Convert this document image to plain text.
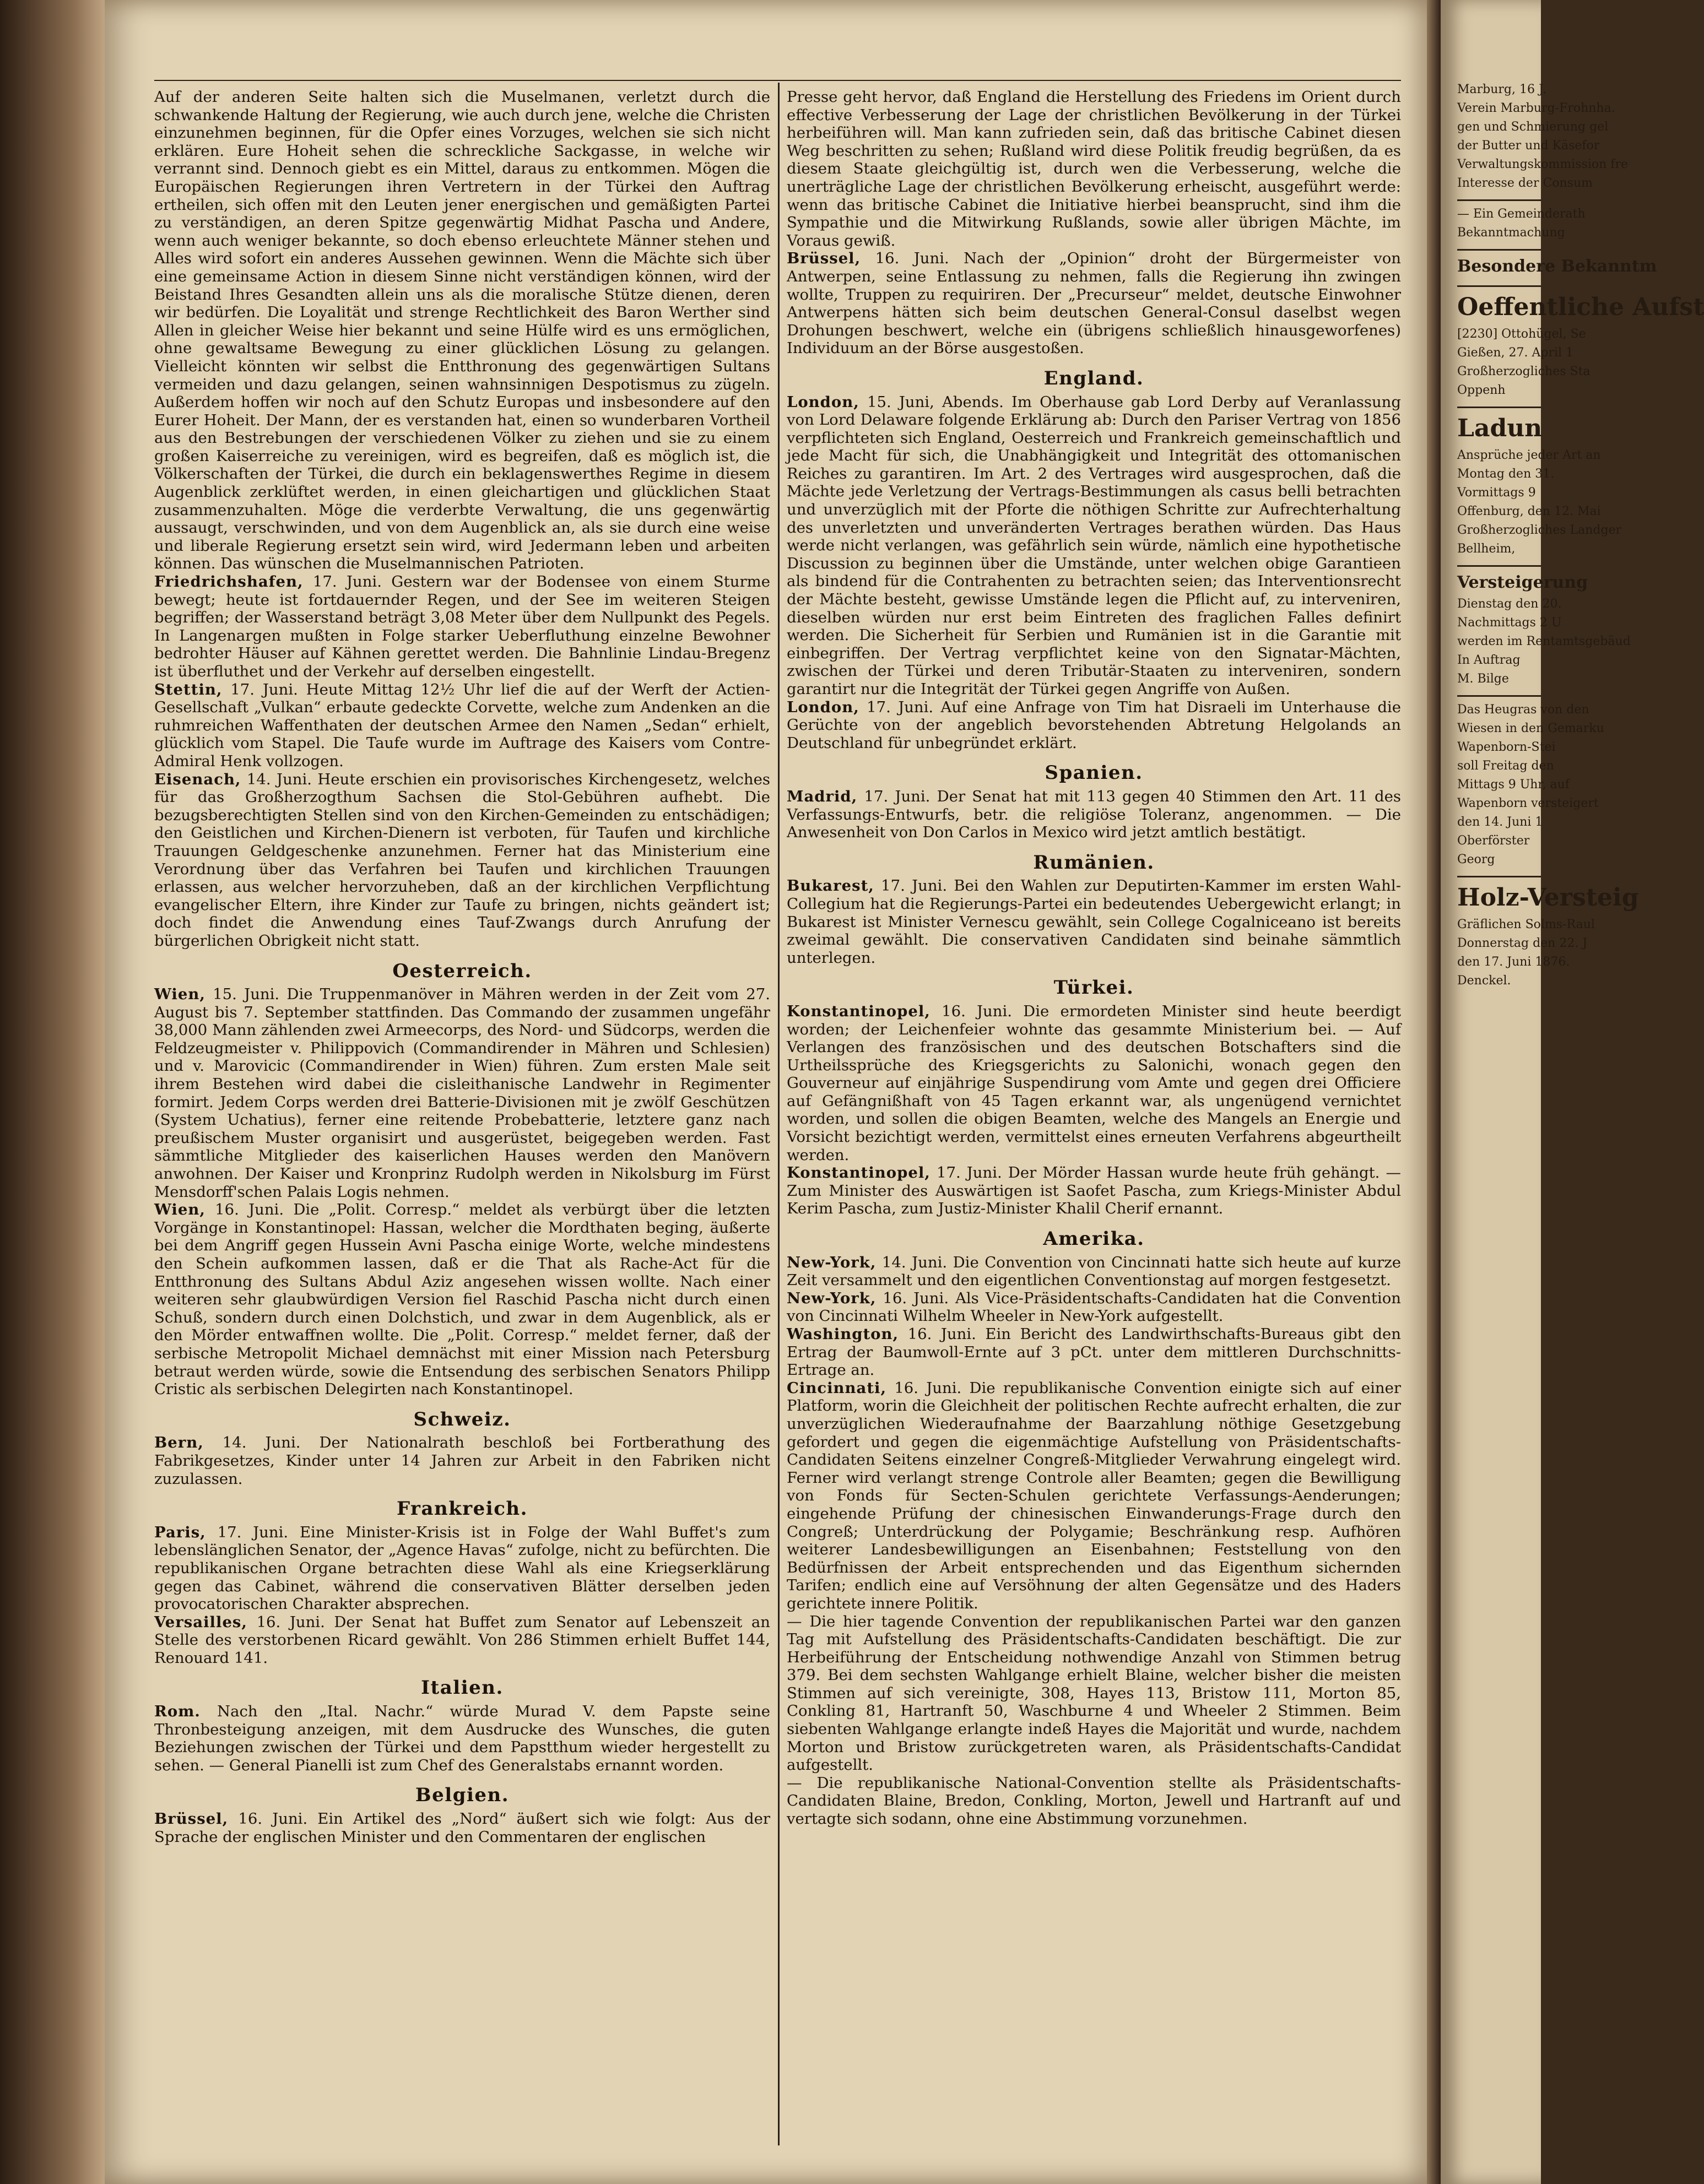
Auf der anderen Seite halten sich die Muselmanen, verletzt durch die schwankende Haltung der Regierung, wie auch durch jene, welche die Christen einzunehmen beginnen, für die Opfer eines Vorzuges, welchen sie sich nicht erklären. Eure Hoheit sehen die schreckliche Sackgasse, in welche wir verrannt sind. Dennoch giebt es ein Mittel, daraus zu entkommen. Mögen die Europäischen Regierungen ihren Vertretern in der Türkei den Auftrag ertheilen, sich offen mit den Leuten jener energischen und gemäßigten Partei zu verständigen, an deren Spitze gegenwärtig Midhat Pascha und Andere, wenn auch weniger bekannte, so doch ebenso erleuchtete Männer stehen und Alles wird sofort ein anderes Aussehen gewinnen. Wenn die Mächte sich über eine gemeinsame Action in diesem Sinne nicht verständigen können, wird der Beistand Ihres Gesandten allein uns als die moralische Stütze dienen, deren wir bedürfen. Die Loyalität und strenge Rechtlichkeit des Baron Werther sind Allen in gleicher Weise hier bekannt und seine Hülfe wird es uns ermöglichen, ohne gewaltsame Bewegung zu einer glücklichen Lösung zu gelangen. Vielleicht könnten wir selbst die Entthronung des gegenwärtigen Sultans vermeiden und dazu gelangen, seinen wahnsinnigen Despotismus zu zügeln. Außerdem hoffen wir noch auf den Schutz Europas und insbesondere auf den Eurer Hoheit. Der Mann, der es verstanden hat, einen so wunderbaren Vortheil aus den Bestrebungen der verschiedenen Völker zu ziehen und sie zu einem großen Kaiserreiche zu vereinigen, wird es begreifen, daß es möglich ist, die Völkerschaften der Türkei, die durch ein beklagenswerthes Regime in diesem Augenblick zerklüftet werden, in einen gleichartigen und glücklichen Staat zusammenzuhalten. Möge die verderbte Verwaltung, die uns gegenwärtig aussaugt, verschwinden, und von dem Augenblick an, als sie durch eine weise und liberale Regierung ersetzt sein wird, wird Jedermann leben und arbeiten können. Das wünschen die Muselmannischen Patrioten.

Friedrichshafen, 17. Juni. Gestern war der Bodensee von einem Sturme bewegt; heute ist fortdauernder Regen, und der See im weiteren Steigen begriffen; der Wasserstand beträgt 3,08 Meter über dem Nullpunkt des Pegels. In Langenargen mußten in Folge starker Ueberfluthung einzelne Bewohner bedrohter Häuser auf Kähnen gerettet werden. Die Bahnlinie Lindau-Bregenz ist überfluthet und der Verkehr auf derselben eingestellt.

Stettin, 17. Juni. Heute Mittag 12½ Uhr lief die auf der Werft der Actien-Gesellschaft „Vulkan“ erbaute gedeckte Corvette, welche zum Andenken an die ruhmreichen Waffenthaten der deutschen Armee den Namen „Sedan“ erhielt, glücklich vom Stapel. Die Taufe wurde im Auftrage des Kaisers vom Contre-Admiral Henk vollzogen.

Eisenach, 14. Juni. Heute erschien ein provisorisches Kirchengesetz, welches für das Großherzogthum Sachsen die Stol-Gebühren aufhebt. Die bezugsberechtigten Stellen sind von den Kirchen-Gemeinden zu entschädigen; den Geistlichen und Kirchen-Dienern ist verboten, für Taufen und kirchliche Trauungen Geldgeschenke anzunehmen. Ferner hat das Ministerium eine Verordnung über das Verfahren bei Taufen und kirchlichen Trauungen erlassen, aus welcher hervorzuheben, daß an der kirchlichen Verpflichtung evangelischer Eltern, ihre Kinder zur Taufe zu bringen, nichts geändert ist; doch findet die Anwendung eines Tauf-Zwangs durch Anrufung der bürgerlichen Obrigkeit nicht statt.

Oesterreich.

Wien, 15. Juni. Die Truppenmanöver in Mähren werden in der Zeit vom 27. August bis 7. September stattfinden. Das Commando der zusammen ungefähr 38,000 Mann zählenden zwei Armeecorps, des Nord- und Südcorps, werden die Feldzeugmeister v. Philippovich (Commandirender in Mähren und Schlesien) und v. Marovicic (Commandirender in Wien) führen. Zum ersten Male seit ihrem Bestehen wird dabei die cisleithanische Landwehr in Regimenter formirt. Jedem Corps werden drei Batterie-Divisionen mit je zwölf Geschützen (System Uchatius), ferner eine reitende Probebatterie, letztere ganz nach preußischem Muster organisirt und ausgerüstet, beigegeben werden. Fast sämmtliche Mitglieder des kaiserlichen Hauses werden den Manövern anwohnen. Der Kaiser und Kronprinz Rudolph werden in Nikolsburg im Fürst Mensdorff'schen Palais Logis nehmen.

Wien, 16. Juni. Die „Polit. Corresp.“ meldet als verbürgt über die letzten Vorgänge in Konstantinopel: Hassan, welcher die Mordthaten beging, äußerte bei dem Angriff gegen Hussein Avni Pascha einige Worte, welche mindestens den Schein aufkommen lassen, daß er die That als Rache-Act für die Entthronung des Sultans Abdul Aziz angesehen wissen wollte. Nach einer weiteren sehr glaubwürdigen Version fiel Raschid Pascha nicht durch einen Schuß, sondern durch einen Dolchstich, und zwar in dem Augenblick, als er den Mörder entwaffnen wollte. Die „Polit. Corresp.“ meldet ferner, daß der serbische Metropolit Michael demnächst mit einer Mission nach Petersburg betraut werden würde, sowie die Entsendung des serbischen Senators Philipp Cristic als serbischen Delegirten nach Konstantinopel.

Schweiz.

Bern, 14. Juni. Der Nationalrath beschloß bei Fortberathung des Fabrikgesetzes, Kinder unter 14 Jahren zur Arbeit in den Fabriken nicht zuzulassen.

Frankreich.

Paris, 17. Juni. Eine Minister-Krisis ist in Folge der Wahl Buffet's zum lebenslänglichen Senator, der „Agence Havas“ zufolge, nicht zu befürchten. Die republikanischen Organe betrachten diese Wahl als eine Kriegserklärung gegen das Cabinet, während die conservativen Blätter derselben jeden provocatorischen Charakter absprechen.

Versailles, 16. Juni. Der Senat hat Buffet zum Senator auf Lebenszeit an Stelle des verstorbenen Ricard gewählt. Von 286 Stimmen erhielt Buffet 144, Renouard 141.

Italien.

Rom. Nach den „Ital. Nachr.“ würde Murad V. dem Papste seine Thronbesteigung anzeigen, mit dem Ausdrucke des Wunsches, die guten Beziehungen zwischen der Türkei und dem Papstthum wieder hergestellt zu sehen. — General Pianelli ist zum Chef des Generalstabs ernannt worden.

Belgien.

Brüssel, 16. Juni. Ein Artikel des „Nord“ äußert sich wie folgt: Aus der Sprache der englischen Minister und den Commentaren der englischen

Presse geht hervor, daß England die Herstellung des Friedens im Orient durch effective Verbesserung der Lage der christlichen Bevölkerung in der Türkei herbeiführen will. Man kann zufrieden sein, daß das britische Cabinet diesen Weg beschritten zu sehen; Rußland wird diese Politik freudig begrüßen, da es diesem Staate gleichgültig ist, durch wen die Verbesserung, welche die unerträgliche Lage der christlichen Bevölkerung erheischt, ausgeführt werde: wenn das britische Cabinet die Initiative hierbei beansprucht, sind ihm die Sympathie und die Mitwirkung Rußlands, sowie aller übrigen Mächte, im Voraus gewiß.

Brüssel, 16. Juni. Nach der „Opinion“ droht der Bürgermeister von Antwerpen, seine Entlassung zu nehmen, falls die Regierung ihn zwingen wollte, Truppen zu requiriren. Der „Precurseur“ meldet, deutsche Einwohner Antwerpens hätten sich beim deutschen General-Consul daselbst wegen Drohungen beschwert, welche ein (übrigens schließlich hinausgeworfenes) Individuum an der Börse ausgestoßen.

England.

London, 15. Juni, Abends. Im Oberhause gab Lord Derby auf Veranlassung von Lord Delaware folgende Erklärung ab: Durch den Pariser Vertrag von 1856 verpflichteten sich England, Oesterreich und Frankreich gemeinschaftlich und jede Macht für sich, die Unabhängigkeit und Integrität des ottomanischen Reiches zu garantiren. Im Art. 2 des Vertrages wird ausgesprochen, daß die Mächte jede Verletzung der Vertrags-Bestimmungen als casus belli betrachten und unverzüglich mit der Pforte die nöthigen Schritte zur Aufrechterhaltung des unverletzten und unveränderten Vertrages berathen würden. Das Haus werde nicht verlangen, was gefährlich sein würde, nämlich eine hypothetische Discussion zu beginnen über die Umstände, unter welchen obige Garantieen als bindend für die Contrahenten zu betrachten seien; das Interventionsrecht der Mächte besteht, gewisse Umstände legen die Pflicht auf, zu interveniren, dieselben würden nur erst beim Eintreten des fraglichen Falles definirt werden. Die Sicherheit für Serbien und Rumänien ist in die Garantie mit einbegriffen. Der Vertrag verpflichtet keine von den Signatar-Mächten, zwischen der Türkei und deren Tributär-Staaten zu interveniren, sondern garantirt nur die Integrität der Türkei gegen Angriffe von Außen.

London, 17. Juni. Auf eine Anfrage von Tim hat Disraeli im Unterhause die Gerüchte von der angeblich bevorstehenden Abtretung Helgolands an Deutschland für unbegründet erklärt.

Spanien.

Madrid, 17. Juni. Der Senat hat mit 113 gegen 40 Stimmen den Art. 11 des Verfassungs-Entwurfs, betr. die religiöse Toleranz, angenommen. — Die Anwesenheit von Don Carlos in Mexico wird jetzt amtlich bestätigt.

Rumänien.

Bukarest, 17. Juni. Bei den Wahlen zur Deputirten-Kammer im ersten Wahl-Collegium hat die Regierungs-Partei ein bedeutendes Uebergewicht erlangt; in Bukarest ist Minister Vernescu gewählt, sein College Cogalniceano ist bereits zweimal gewählt. Die conservativen Candidaten sind beinahe sämmtlich unterlegen.

Türkei.

Konstantinopel, 16. Juni. Die ermordeten Minister sind heute beerdigt worden; der Leichenfeier wohnte das gesammte Ministerium bei. — Auf Verlangen des französischen und des deutschen Botschafters sind die Urtheilssprüche des Kriegsgerichts zu Salonichi, wonach gegen den Gouverneur auf einjährige Suspendirung vom Amte und gegen drei Officiere auf Gefängnißhaft von 45 Tagen erkannt war, als ungenügend vernichtet worden, und sollen die obigen Beamten, welche des Mangels an Energie und Vorsicht bezichtigt werden, vermittelst eines erneuten Verfahrens abgeurtheilt werden.

Konstantinopel, 17. Juni. Der Mörder Hassan wurde heute früh gehängt. — Zum Minister des Auswärtigen ist Saofet Pascha, zum Kriegs-Minister Abdul Kerim Pascha, zum Justiz-Minister Khalil Cherif ernannt.

Amerika.

New-York, 14. Juni. Die Convention von Cincinnati hatte sich heute auf kurze Zeit versammelt und den eigentlichen Conventionstag auf morgen festgesetzt.

New-York, 16. Juni. Als Vice-Präsidentschafts-Candidaten hat die Convention von Cincinnati Wilhelm Wheeler in New-York aufgestellt.

Washington, 16. Juni. Ein Bericht des Landwirthschafts-Bureaus gibt den Ertrag der Baumwoll-Ernte auf 3 pCt. unter dem mittleren Durchschnitts-Ertrage an.

Cincinnati, 16. Juni. Die republikanische Convention einigte sich auf einer Platform, worin die Gleichheit der politischen Rechte aufrecht erhalten, die zur unverzüglichen Wiederaufnahme der Baarzahlung nöthige Gesetzgebung gefordert und gegen die eigenmächtige Aufstellung von Präsidentschafts-Candidaten Seitens einzelner Congreß-Mitglieder Verwahrung eingelegt wird. Ferner wird verlangt strenge Controle aller Beamten; gegen die Bewilligung von Fonds für Secten-Schulen gerichtete Verfassungs-Aenderungen; eingehende Prüfung der chinesischen Einwanderungs-Frage durch den Congreß; Unterdrückung der Polygamie; Beschränkung resp. Aufhören weiterer Landesbewilligungen an Eisenbahnen; Feststellung von den Bedürfnissen der Arbeit entsprechenden und das Eigenthum sichernden Tarifen; endlich eine auf Versöhnung der alten Gegensätze und des Haders gerichtete innere Politik.

— Die hier tagende Convention der republikanischen Partei war den ganzen Tag mit Aufstellung des Präsidentschafts-Candidaten beschäftigt. Die zur Herbeiführung der Entscheidung nothwendige Anzahl von Stimmen betrug 379. Bei dem sechsten Wahlgange erhielt Blaine, welcher bisher die meisten Stimmen auf sich vereinigte, 308, Hayes 113, Bristow 111, Morton 85, Conkling 81, Hartranft 50, Waschburne 4 und Wheeler 2 Stimmen. Beim siebenten Wahlgange erlangte indeß Hayes die Majorität und wurde, nachdem Morton und Bristow zurückgetreten waren, als Präsidentschafts-Candidat aufgestellt.

— Die republikanische National-Convention stellte als Präsidentschafts-Candidaten Blaine, Bredon, Conkling, Morton, Jewell und Hartranft auf und vertagte sich sodann, ohne eine Abstimmung vorzunehmen.

Marburg, 16 J.
Verein Marburg-Frohnha.
gen und Schmierung gel
der Butter und Käsefor
Verwaltungskommission fre
Interesse der Consum
— Ein Gemeinderath
Bekanntmachung
Besondere Bekanntm
Oeffentliche Aufst
[2230] Ottohügel, Se
Gießen, 27. April 1
Großherzogliches Sta
Oppenh
Ladun
Ansprüche jeder Art an
Montag den 31.
Vormittags 9
Offenburg, den 12. Mai
Großherzogliches Landger
Bellheim,
Versteigerung
Dienstag den 20.
Nachmittags 2 U
werden im Rentamtsgebäud
In Auftrag
M. Bilge
Das Heugras von den
Wiesen in den Gemarku
Wapenborn-Stei
soll Freitag den
Mittags 9 Uhr, auf
Wapenborn versteigert
den 14. Juni 1
Oberförster
Georg
Holz-Versteig
Gräflichen Solms-Raul
Donnerstag den 22. J
den 17. Juni 1876.
Denckel.
